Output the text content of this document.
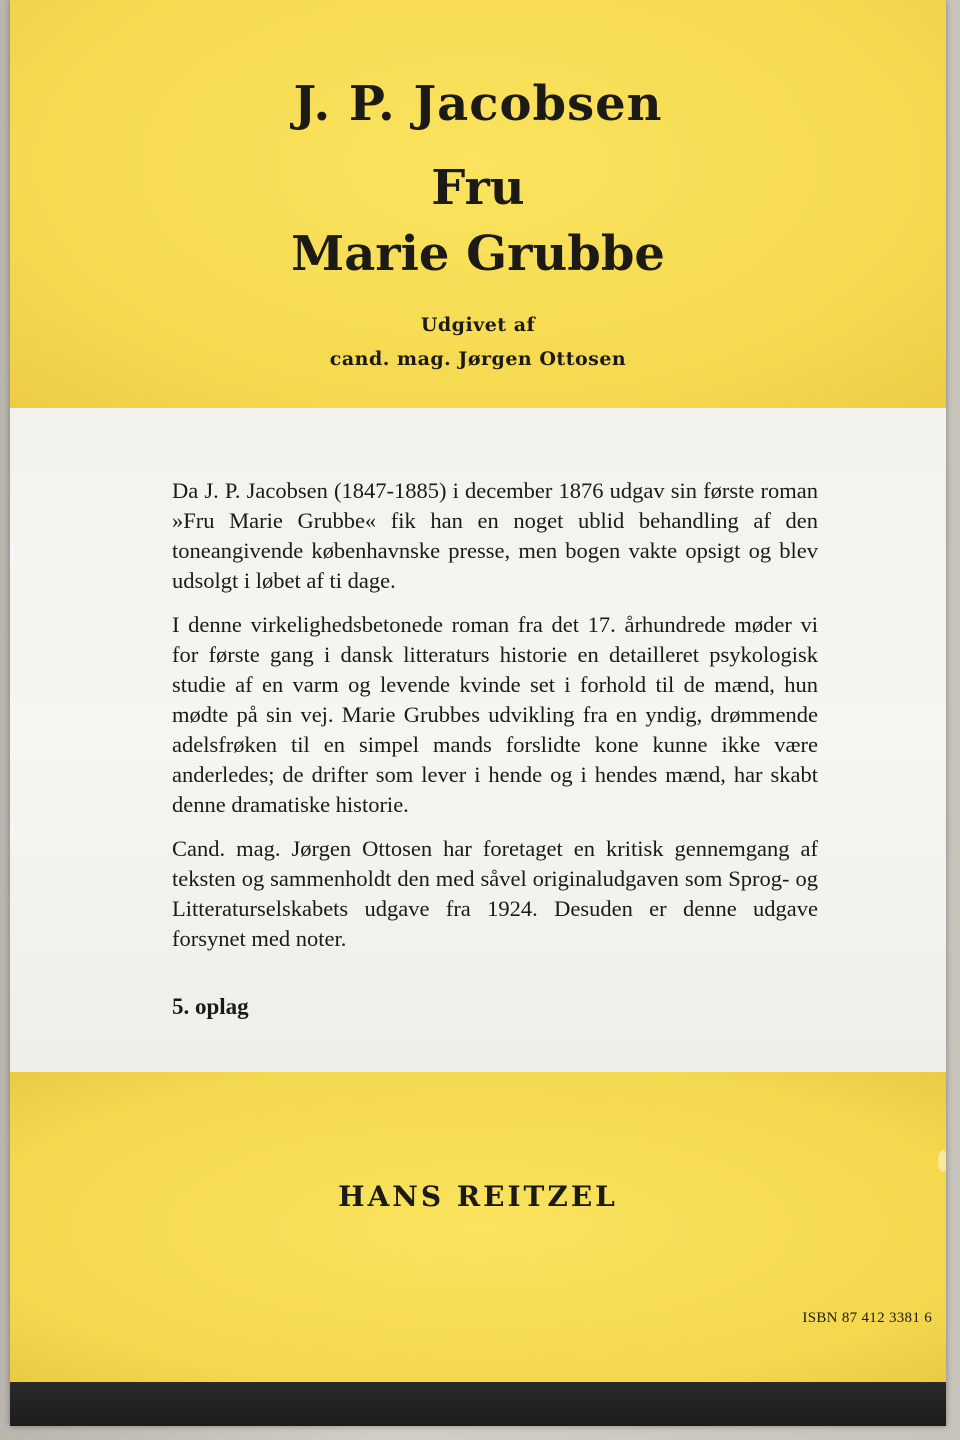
J. P. Jacobsen
Fru
Marie Grubbe
Udgivet af
cand. mag. Jørgen Ottosen

Da J. P. Jacobsen (1847-1885) i december 1876 udgav sin første roman »Fru Marie Grubbe« fik han en noget ublid behandling af den toneangivende københavnske presse, men bogen vakte opsigt og blev udsolgt i løbet af ti dage.

I denne virkelighedsbetonede roman fra det 17. århundrede møder vi for første gang i dansk litteraturs historie en detailleret psykologisk studie af en varm og levende kvinde set i forhold til de mænd, hun mødte på sin vej. Marie Grubbes udvikling fra en yndig, drømmende adelsfrøken til en simpel mands forslidte kone kunne ikke være anderledes; de drifter som lever i hende og i hendes mænd, har skabt denne dramatiske historie.

Cand. mag. Jørgen Ottosen har foretaget en kritisk gennemgang af teksten og sammenholdt den med såvel originaludgaven som Sprog- og Litteraturselskabets udgave fra 1924. Desuden er denne udgave forsynet med noter.

5. oplag
HANS REITZEL
ISBN 87 412 3381 6
